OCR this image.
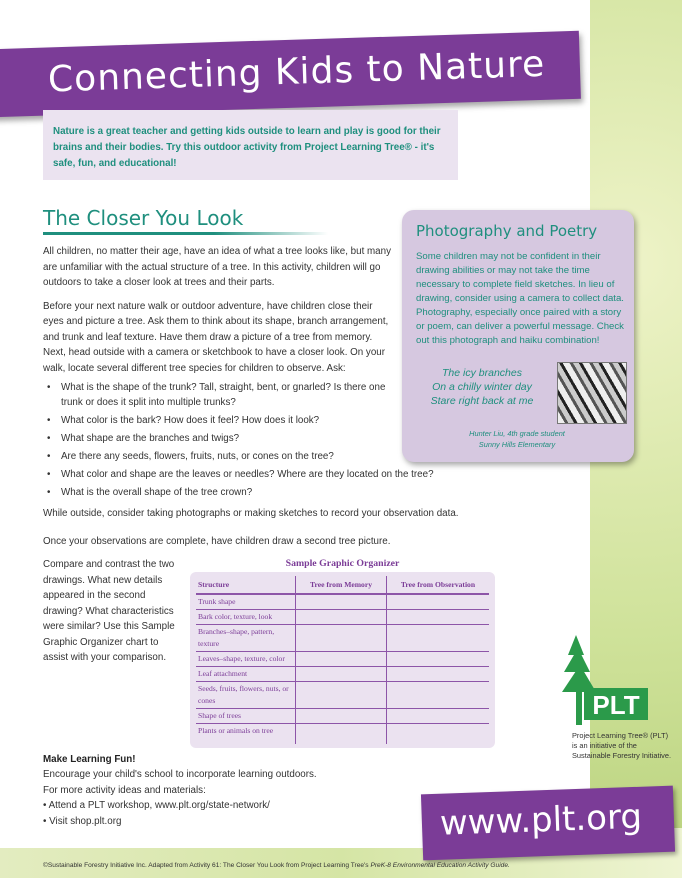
Connecting Kids to Nature
Nature is a great teacher and getting kids outside to learn and play is good for their brains and their bodies. Try this outdoor activity from Project Learning Tree® - it's safe, fun, and educational!
The Closer You Look

All children, no matter their age, have an idea of what a tree looks like, but many are unfamiliar with the actual structure of a tree. In this activity, children will go outdoors to take a closer look at trees and their parts.

Before your next nature walk or outdoor adventure, have children close their eyes and picture a tree. Ask them to think about its shape, branch arrangement, and trunk and leaf texture. Have them draw a picture of a tree from memory. Next, head outside with a camera or sketchbook to have a closer look. On your walk, locate several different tree species for children to observe. Ask:

• What is the shape of the trunk? Tall, straight, bent, or gnarled? Is there one trunk or does it split into multiple trunks?
• What color is the bark? How does it feel? How does it look?
• What shape are the branches and twigs?
• Are there any seeds, flowers, fruits, nuts, or cones on the tree?
• What color and shape are the leaves or needles? Where are they located on the tree?
• What is the overall shape of the tree crown?

While outside, consider taking photographs or making sketches to record your observation data.

Once your observations are complete, have children draw a second tree picture.

Compare and contrast the two drawings. What new details appeared in the second drawing? What characteristics were similar? Use this Sample Graphic Organizer chart to assist with your comparison.

Sample Graphic Organizer
Structure	Tree from Memory	Tree from Observation
Trunk shape		
Bark color, texture, look		
Branches–shape, pattern, texture		
Leaves–shape, texture, color		
Leaf attachment		
Seeds, fruits, flowers, nuts, or cones		
Shape of trees		
Plants or animals on tree		
Make Learning Fun!
Encourage your child's school to incorporate learning outdoors.
For more activity ideas and materials:
• Attend a PLT workshop, www.plt.org/state-network/
• Visit shop.plt.org
Photography and Poetry

Some children may not be confident in their drawing abilities or may not take the time necessary to complete field sketches. In lieu of drawing, consider using a camera to collect data. Photography, especially once paired with a story or poem, can deliver a powerful message. Check out this photograph and haiku combination!

The icy branches
On a chilly winter day
Stare right back at me
Hunter Liu, 4th grade student
Sunny Hills Elementary
PLT
Project Learning Tree® (PLT) is an initiative of the Sustainable Forestry Initiative.
www.plt.org
©Sustainable Forestry Initiative Inc. Adapted from Activity 61: The Closer You Look from Project Learning Tree's PreK-8 Environmental Education Activity Guide.
